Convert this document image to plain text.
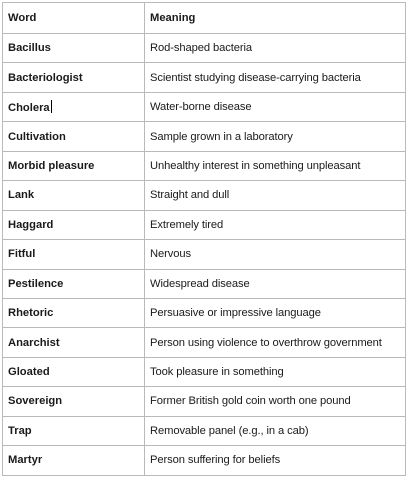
Word	Meaning
Bacillus	Rod-shaped bacteria
Bacteriologist	Scientist studying disease-carrying bacteria
Cholera	Water-borne disease
Cultivation	Sample grown in a laboratory
Morbid pleasure	Unhealthy interest in something unpleasant
Lank	Straight and dull
Haggard	Extremely tired
Fitful	Nervous
Pestilence	Widespread disease
Rhetoric	Persuasive or impressive language
Anarchist	Person using violence to overthrow government
Gloated	Took pleasure in something
Sovereign	Former British gold coin worth one pound
Trap	Removable panel (e.g., in a cab)
Martyr	Person suffering for beliefs
